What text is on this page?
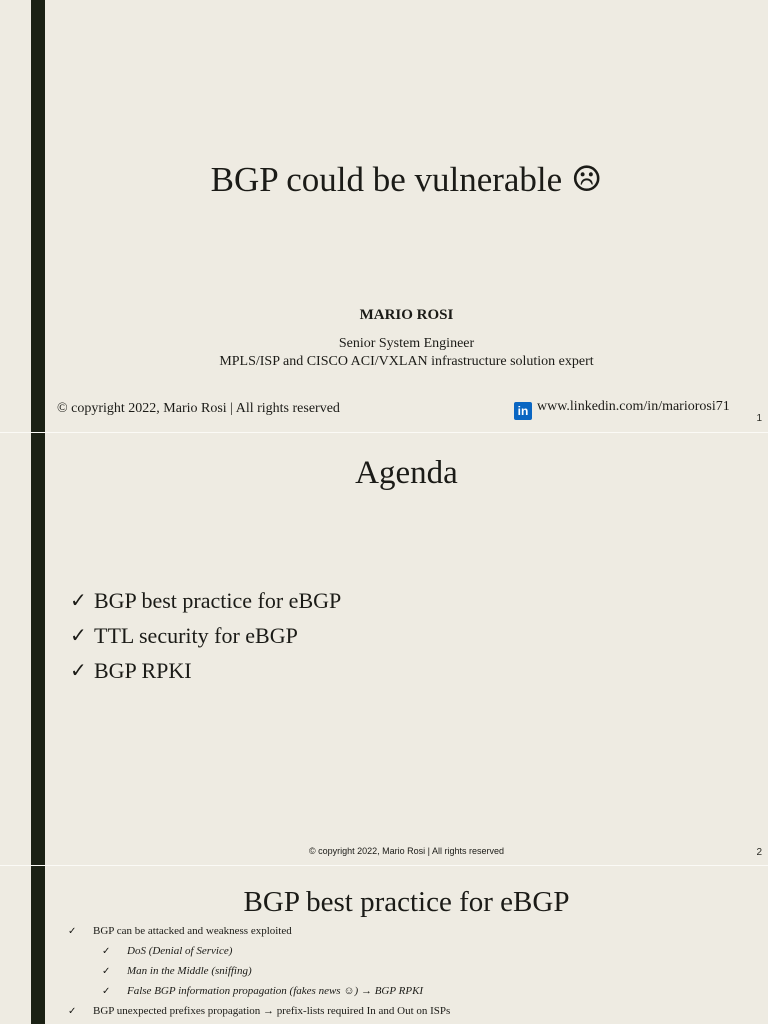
BGP could be vulnerable ☹
MARIO ROSI
Senior System Engineer
MPLS/ISP and CISCO ACI/VXLAN infrastructure solution expert
© copyright 2022, Mario Rosi | All rights reserved	in www.linkedin.com/in/mariorosi71
1
Agenda
✓ BGP best practice for eBGP
✓ TTL security for eBGP
✓ BGP RPKI
© copyright 2022, Mario Rosi | All rights reserved	2
BGP best practice for eBGP
✓	BGP can be attacked and weakness exploited
✓	DoS (Denial of Service)
✓	Man in the Middle (sniffing)
✓	False BGP information propagation (fakes news ☺) → BGP RPKI
✓	BGP unexpected prefixes propagation → prefix-lists required In and Out on ISPs
